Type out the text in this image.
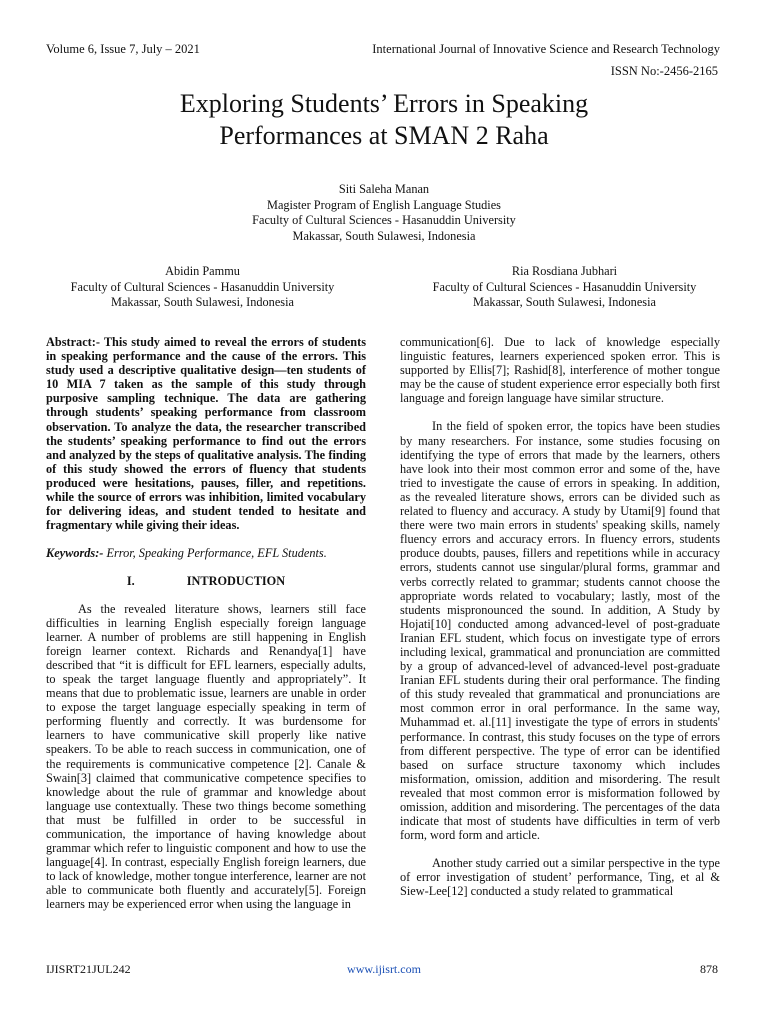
Volume 6, Issue 7, July – 2021	International Journal of Innovative Science and Research Technology
ISSN No:-2456-2165
Exploring Students’ Errors in Speaking
Performances at SMAN 2 Raha
Siti Saleha Manan
Magister Program of English Language Studies
Faculty of Cultural Sciences - Hasanuddin University
Makassar, South Sulawesi, Indonesia
Abidin Pammu
Faculty of Cultural Sciences - Hasanuddin University
Makassar, South Sulawesi, Indonesia
Ria Rosdiana Jubhari
Faculty of Cultural Sciences - Hasanuddin University
Makassar, South Sulawesi, Indonesia

Abstract:- This study aimed to reveal the errors of students in speaking performance and the cause of the errors. This study used a descriptive qualitative design—ten students of 10 MIA 7 taken as the sample of this study through purposive sampling technique. The data are gathering through students’ speaking performance from classroom observation. To analyze the data, the researcher transcribed the students’ speaking performance to find out the errors and analyzed by the steps of qualitative analysis. The finding of this study showed the errors of fluency that students produced were hesitations, pauses, filler, and repetitions. while the source of errors was inhibition, limited vocabulary for delivering ideas, and student tended to hesitate and fragmentary while giving their ideas.

Keywords:- Error, Speaking Performance, EFL Students.

I.	INTRODUCTION

As the revealed literature shows, learners still face difficulties in learning English especially foreign language learner. A number of problems are still happening in English foreign learner context. Richards and Renandya[1] have described that “it is difficult for EFL learners, especially adults, to speak the target language fluently and appropriately”. It means that due to problematic issue, learners are unable in order to expose the target language especially speaking in term of performing fluently and correctly. It was burdensome for learners to have communicative skill properly like native speakers. To be able to reach success in communication, one of the requirements is communicative competence [2]. Canale & Swain[3] claimed that communicative competence specifies to knowledge about the rule of grammar and knowledge about language use contextually. These two things become something that must be fulfilled in order to be successful in communication, the importance of having knowledge about grammar which refer to linguistic component and how to use the language[4]. In contrast, especially English foreign learners, due to lack of knowledge, mother tongue interference, learner are not able to communicate both fluently and accurately[5]. Foreign learners may be experienced error when using the language in

communication[6]. Due to lack of knowledge especially linguistic features, learners experienced spoken error. This is supported by Ellis[7]; Rashid[8], interference of mother tongue may be the cause of student experience error especially both first language and foreign language have similar structure.

In the field of spoken error, the topics have been studies by many researchers. For instance, some studies focusing on identifying the type of errors that made by the learners, others have look into their most common error and some of the, have tried to investigate the cause of errors in speaking. In addition, as the revealed literature shows, errors can be divided such as related to fluency and accuracy. A study by Utami[9] found that there were two main errors in students' speaking skills, namely fluency errors and accuracy errors. In fluency errors, students produce doubts, pauses, fillers and repetitions while in accuracy errors, students cannot use singular/plural forms, grammar and verbs correctly related to grammar; students cannot choose the appropriate words related to vocabulary; lastly, most of the students mispronounced the sound. In addition, A Study by Hojati[10] conducted among advanced-level of post-graduate Iranian EFL student, which focus on investigate type of errors including lexical, grammatical and pronunciation are committed by a group of advanced-level of advanced-level post-graduate Iranian EFL students during their oral performance. The finding of this study revealed that grammatical and pronunciations are most common error in oral performance. In the same way, Muhammad et. al.[11] investigate the type of errors in students' performance. In contrast, this study focuses on the type of errors from different perspective. The type of error can be identified based on surface structure taxonomy which includes misformation, omission, addition and misordering. The result revealed that most common error is misformation followed by omission, addition and misordering. The percentages of the data indicate that most of students have difficulties in term of verb form, word form and article.

Another study carried out a similar perspective in the type of error investigation of student’ performance, Ting, et al & Siew-Lee[12] conducted a study related to grammatical

IJISRT21JUL242	www.ijisrt.com	878
